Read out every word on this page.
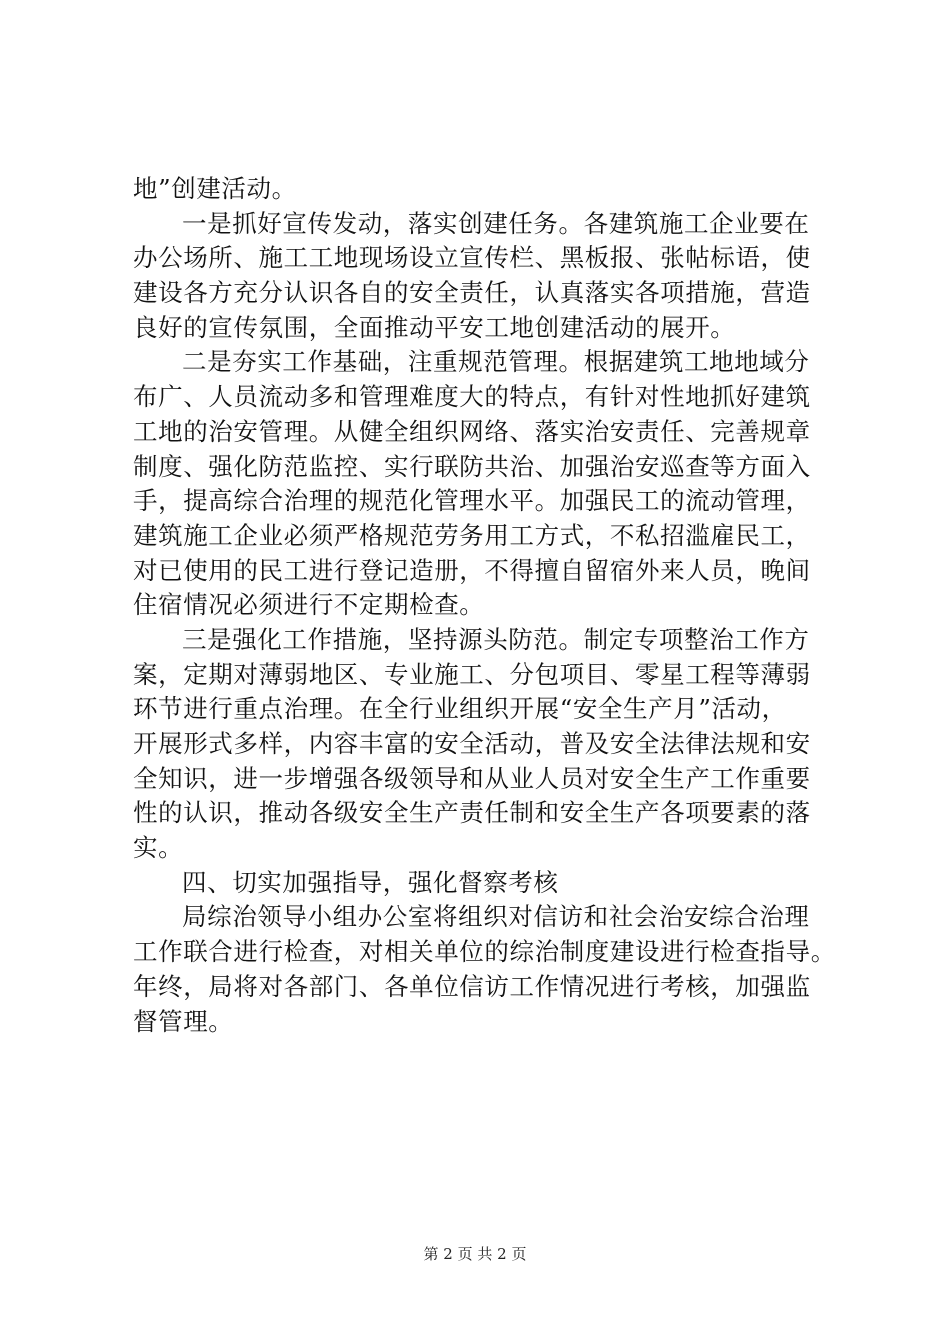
地”创建活动。
一是抓好宣传发动，落实创建任务。各建筑施工企业要在
办公场所、施工工地现场设立宣传栏、黑板报、张帖标语，使
建设各方充分认识各自的安全责任，认真落实各项措施，营造
良好的宣传氛围，全面推动平安工地创建活动的展开。
二是夯实工作基础，注重规范管理。根据建筑工地地域分
布广、人员流动多和管理难度大的特点，有针对性地抓好建筑
工地的治安管理。从健全组织网络、落实治安责任、完善规章
制度、强化防范监控、实行联防共治、加强治安巡查等方面入
手，提高综合治理的规范化管理水平。加强民工的流动管理，
建筑施工企业必须严格规范劳务用工方式，不私招滥雇民工，
对已使用的民工进行登记造册，不得擅自留宿外来人员，晚间
住宿情况必须进行不定期检查。
三是强化工作措施，坚持源头防范。制定专项整治工作方
案，定期对薄弱地区、专业施工、分包项目、零星工程等薄弱
环节进行重点治理。在全行业组织开展“安全生产月”活动，
开展形式多样，内容丰富的安全活动，普及安全法律法规和安
全知识，进一步增强各级领导和从业人员对安全生产工作重要
性的认识，推动各级安全生产责任制和安全生产各项要素的落
实。
四、切实加强指导，强化督察考核
局综治领导小组办公室将组织对信访和社会治安综合治理
工作联合进行检查，对相关单位的综治制度建设进行检查指导。
年终，局将对各部门、各单位信访工作情况进行考核，加强监
督管理。
第 2 页 共 2 页
